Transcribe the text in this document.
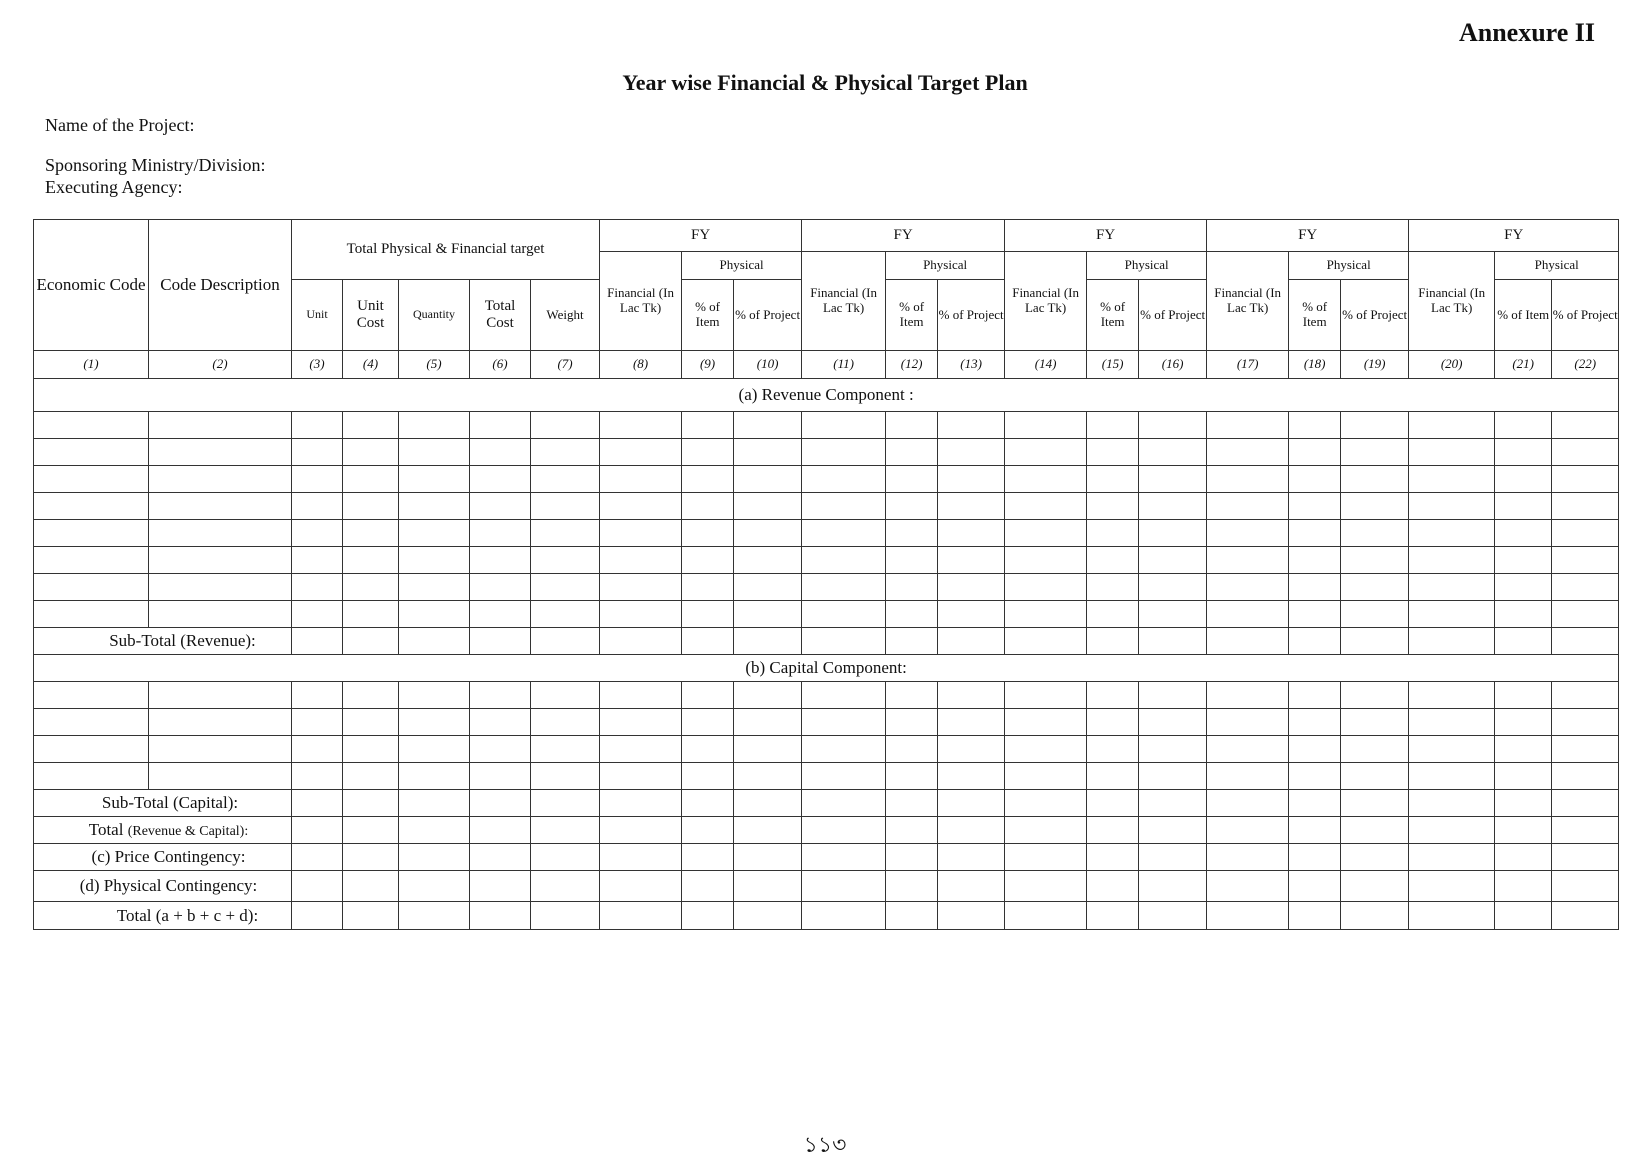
Annexure II
Year wise Financial & Physical Target Plan
Name of the Project:
Sponsoring Ministry/Division:
Executing Agency:
Economic Code	Code Description	Total Physical & Financial target					FY			FY			FY			FY			FY		
							Financial (In Lac Tk)	Physical		Financial (In Lac Tk)	Physical		Financial (In Lac Tk)	Physical		Financial (In Lac Tk)	Physical		Financial (In Lac Tk)	Physical	
		Unit	Unit Cost	Quantity	Total Cost	Weight		% of Item	% of Project		% of Item	% of Project		% of Item	% of Project		% of Item	% of Project		% of Item	% of Project
(1)	(2)	(3)	(4)	(5)	(6)	(7)	(8)	(9)	(10)	(11)	(12)	(13)	(14)	(15)	(16)	(17)	(18)	(19)	(20)	(21)	(22)
(a) Revenue Component :																					

Sub-Total (Revenue):																					
(b) Capital Component:																					

Sub-Total (Capital):																					
Total (Revenue & Capital):																					
(c) Price Contingency:																					
(d) Physical Contingency:																					
Total (a + b + c + d):																					
১১৩
